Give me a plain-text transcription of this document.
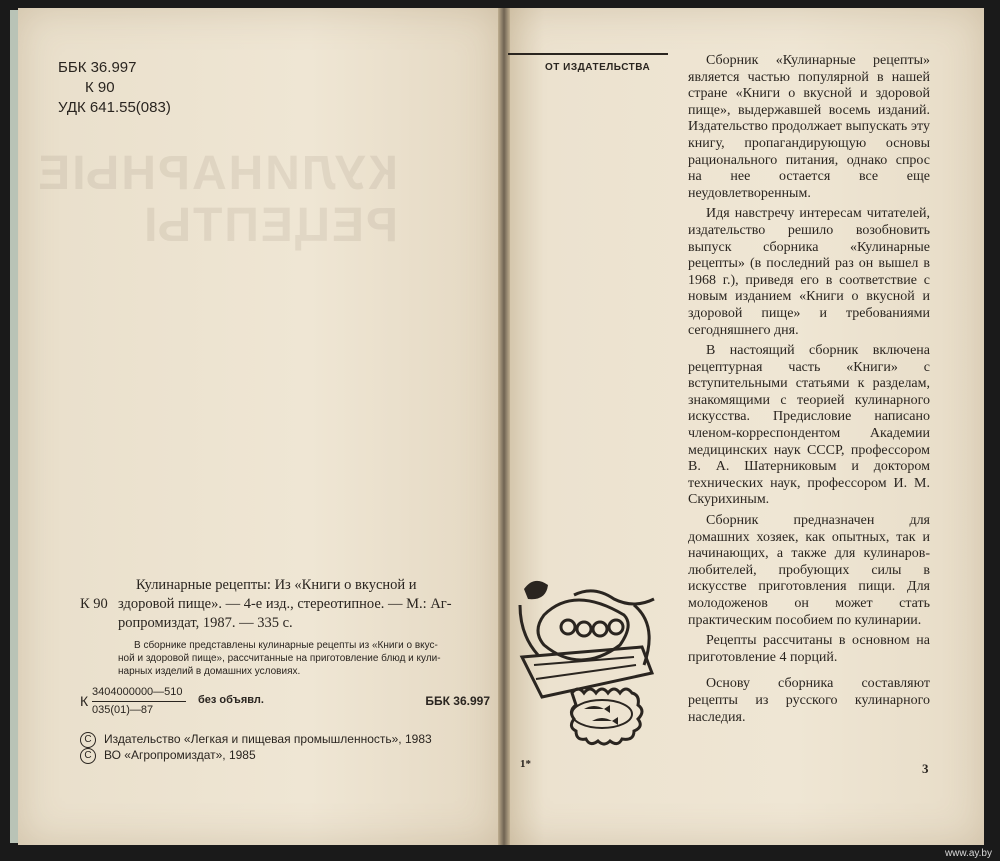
КУЛИНАРНЫЕ
РЕЦЕПТЫ
ББК 36.997
К 90
УДК 641.55(083)
Кулинарные рецепты: Из «Книги о вкусной и
К 90 здоровой пище». — 4-е изд., стереотипное. — М.: Аг-
ропромиздат, 1987. — 335 с.
В сборнике представлены кулинарные рецепты из «Книги о вкус-
ной и здоровой пище», рассчитанные на приготовление блюд и кули-
нарных изделий в домашних условиях.
К
3404000000—510
035(01)—87
без объявл.	ББК 36.997
C Издательство «Легкая и пищевая промышленность», 1983
C ВО «Агропромиздат», 1985
ОТ ИЗДАТЕЛЬСТВА	Сборник «Кулинарные рецепты» является частью популярной в нашей стране «Книги о вкусной и здоровой пище», выдержавшей восемь изданий. Издательство продолжает выпускать эту книгу, пропагандирующую основы рационального питания, однако спрос на нее остается все еще неудовлетворенным.

Идя навстречу интересам читателей, издательство решило возобновить выпуск сборника «Кулинарные рецепты» (в последний раз он вышел в 1968 г.), приведя его в соответствие с новым изданием «Книги о вкусной и здоровой пище» и требованиями сегодняшнего дня.

В настоящий сборник включена рецептурная часть «Книги» с вступительными статьями к разделам, знакомящими с теорией кулинарного искусства. Предисловие написано членом-корреспондентом Академии медицинских наук СССР, профессором В. А. Шатерниковым и доктором технических наук, профессором И. М. Скурихиным.

Сборник предназначен для домашних хозяек, как опытных, так и начинающих, а также для кулинаров-любителей, пробующих силы в искусстве приготовления пищи. Для молодоженов он может стать практическим пособием по кулинарии.

Рецепты рассчитаны в основном на приготовление 4 порций.

Основу сборника составляют рецепты из русского кулинарного наследия.

1*	3
www.ay.by
